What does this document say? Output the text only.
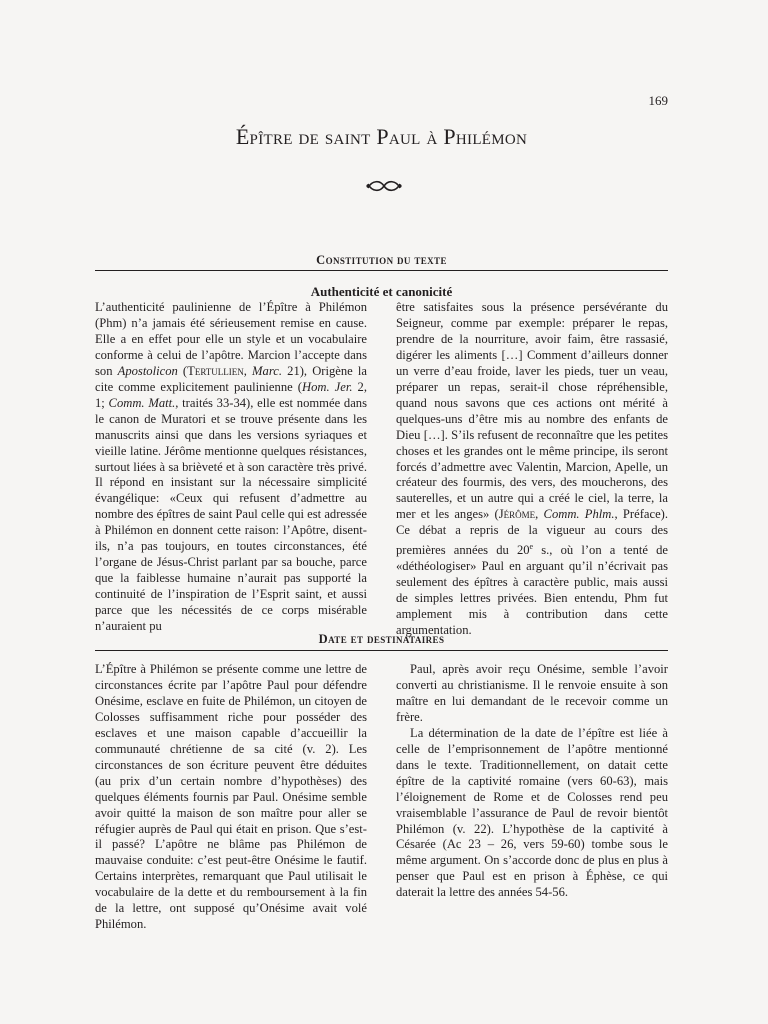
169
Épître de saint Paul à Philémon
Constitution du texte
Authenticité et canonicité

L’authenticité paulinienne de l’Épître à Philémon (Phm) n’a jamais été sérieusement remise en cause. Elle a en effet pour elle un style et un vocabulaire conforme à celui de l’apôtre. Marcion l’accepte dans son Apostolicon (Tertullien, Marc. 21), Origène la cite comme explicitement paulinienne (Hom. Jer. 2, 1; Comm. Matt., traités 33-34), elle est nommée dans le canon de Muratori et se trouve présente dans les manuscrits ainsi que dans les versions syriaques et vieille latine. Jérôme mentionne quelques résistances, surtout liées à sa brièveté et à son caractère très privé. Il répond en insistant sur la nécessaire simplicité évangélique: «Ceux qui refusent d’admettre au nombre des épîtres de saint Paul celle qui est adressée à Philémon en donnent cette raison: l’Apôtre, disent-ils, n’a pas toujours, en toutes circonstances, été l’organe de Jésus-Christ parlant par sa bouche, parce que la faiblesse humaine n’aurait pas supporté la continuité de l’inspiration de l’Esprit saint, et aussi parce que les nécessités de ce corps misérable n’auraient pu

être satisfaites sous la présence persévérante du Seigneur, comme par exemple: préparer le repas, prendre de la nourriture, avoir faim, être rassasié, digérer les aliments […] Comment d’ailleurs donner un verre d’eau froide, laver les pieds, tuer un veau, préparer un repas, serait-il chose répréhensible, quand nous savons que ces actions ont mérité à quelques-uns d’être mis au nombre des enfants de Dieu […]. S’ils refusent de reconnaître que les petites choses et les grandes ont le même principe, ils seront forcés d’admettre avec Valentin, Marcion, Apelle, un créateur des fourmis, des vers, des moucherons, des sauterelles, et un autre qui a créé le ciel, la terre, la mer et les anges» (Jérôme, Comm. Phlm., Préface). Ce débat a repris de la vigueur au cours des premières années du 20e s., où l’on a tenté de «déthéologiser» Paul en arguant qu’il n’écrivait pas seulement des épîtres à caractère public, mais aussi de simples lettres privées. Bien entendu, Phm fut amplement mis à contribution dans cette argumentation.

Date et destinataires

L’Épître à Philémon se présente comme une lettre de circonstances écrite par l’apôtre Paul pour défendre Onésime, esclave en fuite de Philémon, un citoyen de Colosses suffisamment riche pour posséder des esclaves et une maison capable d’accueillir la communauté chrétienne de sa cité (v. 2). Les circonstances de son écriture peuvent être déduites (au prix d’un certain nombre d’hypothèses) des quelques éléments fournis par Paul. Onésime semble avoir quitté la maison de son maître pour aller se réfugier auprès de Paul qui était en prison. Que s’est-il passé? L’apôtre ne blâme pas Philémon de mauvaise conduite: c’est peut-être Onésime le fautif. Certains interprètes, remarquant que Paul utilisait le vocabulaire de la dette et du remboursement à la fin de la lettre, ont supposé qu’Onésime avait volé Philémon.

Paul, après avoir reçu Onésime, semble l’avoir converti au christianisme. Il le renvoie ensuite à son maître en lui demandant de le recevoir comme un frère.

La détermination de la date de l’épître est liée à celle de l’emprisonnement de l’apôtre mentionné dans le texte. Traditionnellement, on datait cette épître de la captivité romaine (vers 60-63), mais l’éloignement de Rome et de Colosses rend peu vraisemblable l’assurance de Paul de revoir bientôt Philémon (v. 22). L’hypothèse de la captivité à Césarée (Ac 23 – 26, vers 59-60) tombe sous le même argument. On s’accorde donc de plus en plus à penser que Paul est en prison à Éphèse, ce qui daterait la lettre des années 54-56.
